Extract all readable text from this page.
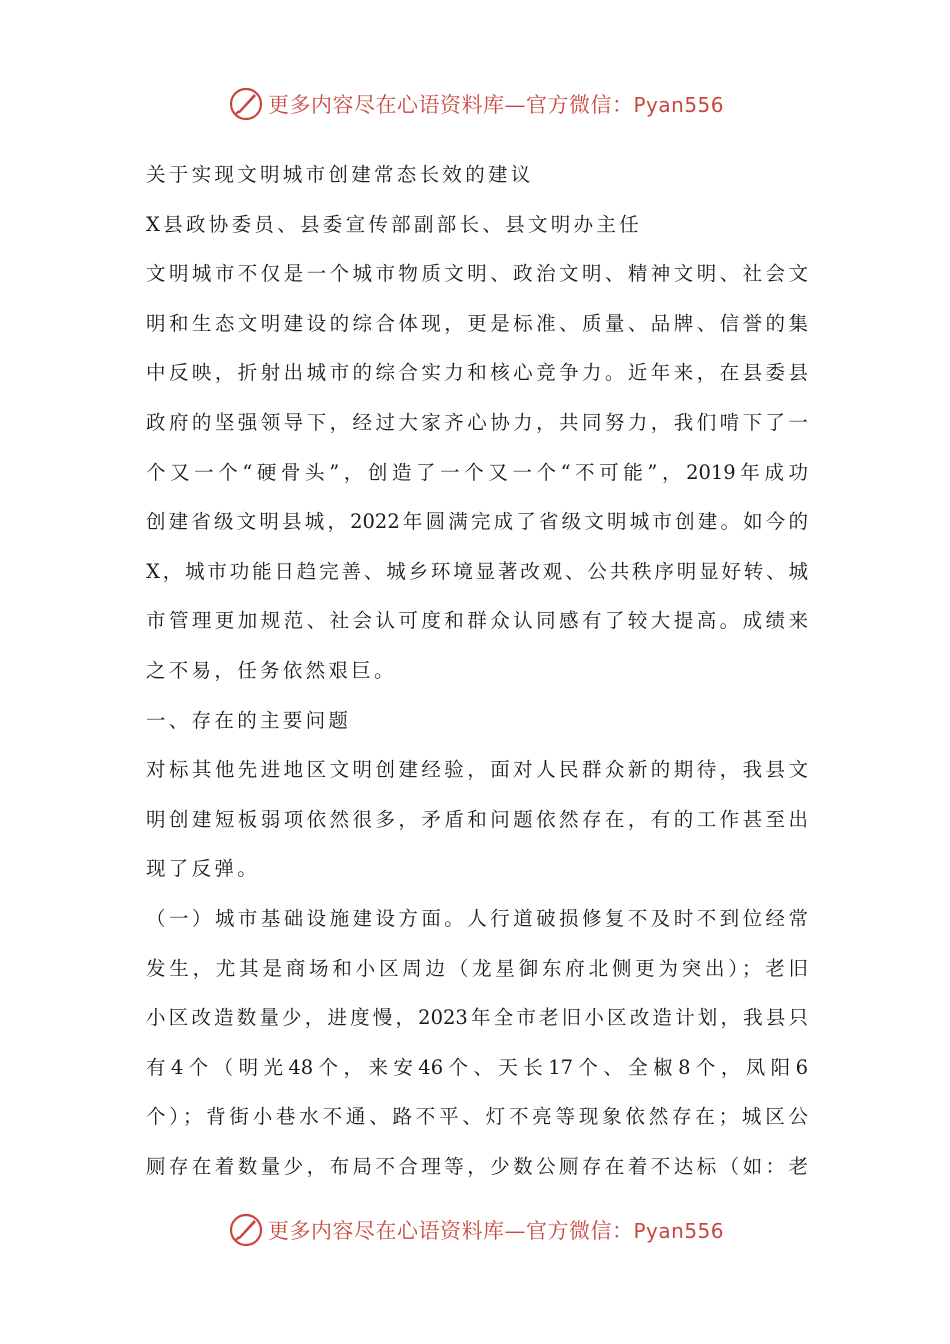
更多内容尽在心语资料库—官方微信：Pyan556
关于实现文明城市创建常态长效的建议
X县政协委员、县委宣传部副部长、县文明办主任
文明城市不仅是一个城市物质文明、政治文明、精神文明、社会文
明和生态文明建设的综合体现，更是标准、质量、品牌、信誉的集
中反映，折射出城市的综合实力和核心竞争力。近年来，在县委县
政府的坚强领导下，经过大家齐心协力，共同努力，我们啃下了一
个又一个“硬骨头”，创造了一个又一个“不可能”，2019年成功
创建省级文明县城，2022年圆满完成了省级文明城市创建。如今的
X，城市功能日趋完善、城乡环境显著改观、公共秩序明显好转、城
市管理更加规范、社会认可度和群众认同感有了较大提高。成绩来
之不易，任务依然艰巨。
一、存在的主要问题
对标其他先进地区文明创建经验，面对人民群众新的期待，我县文
明创建短板弱项依然很多，矛盾和问题依然存在，有的工作甚至出
现了反弹。
（一）城市基础设施建设方面。人行道破损修复不及时不到位经常
发生，尤其是商场和小区周边（龙星御东府北侧更为突出）；老旧
小区改造数量少，进度慢，2023年全市老旧小区改造计划，我县只
有4个（明光48个，来安46个、天长17个、全椒8个，凤阳6
个）；背街小巷水不通、路不平、灯不亮等现象依然存在；城区公
厕存在着数量少，布局不合理等，少数公厕存在着不达标（如：老
更多内容尽在心语资料库—官方微信：Pyan556
